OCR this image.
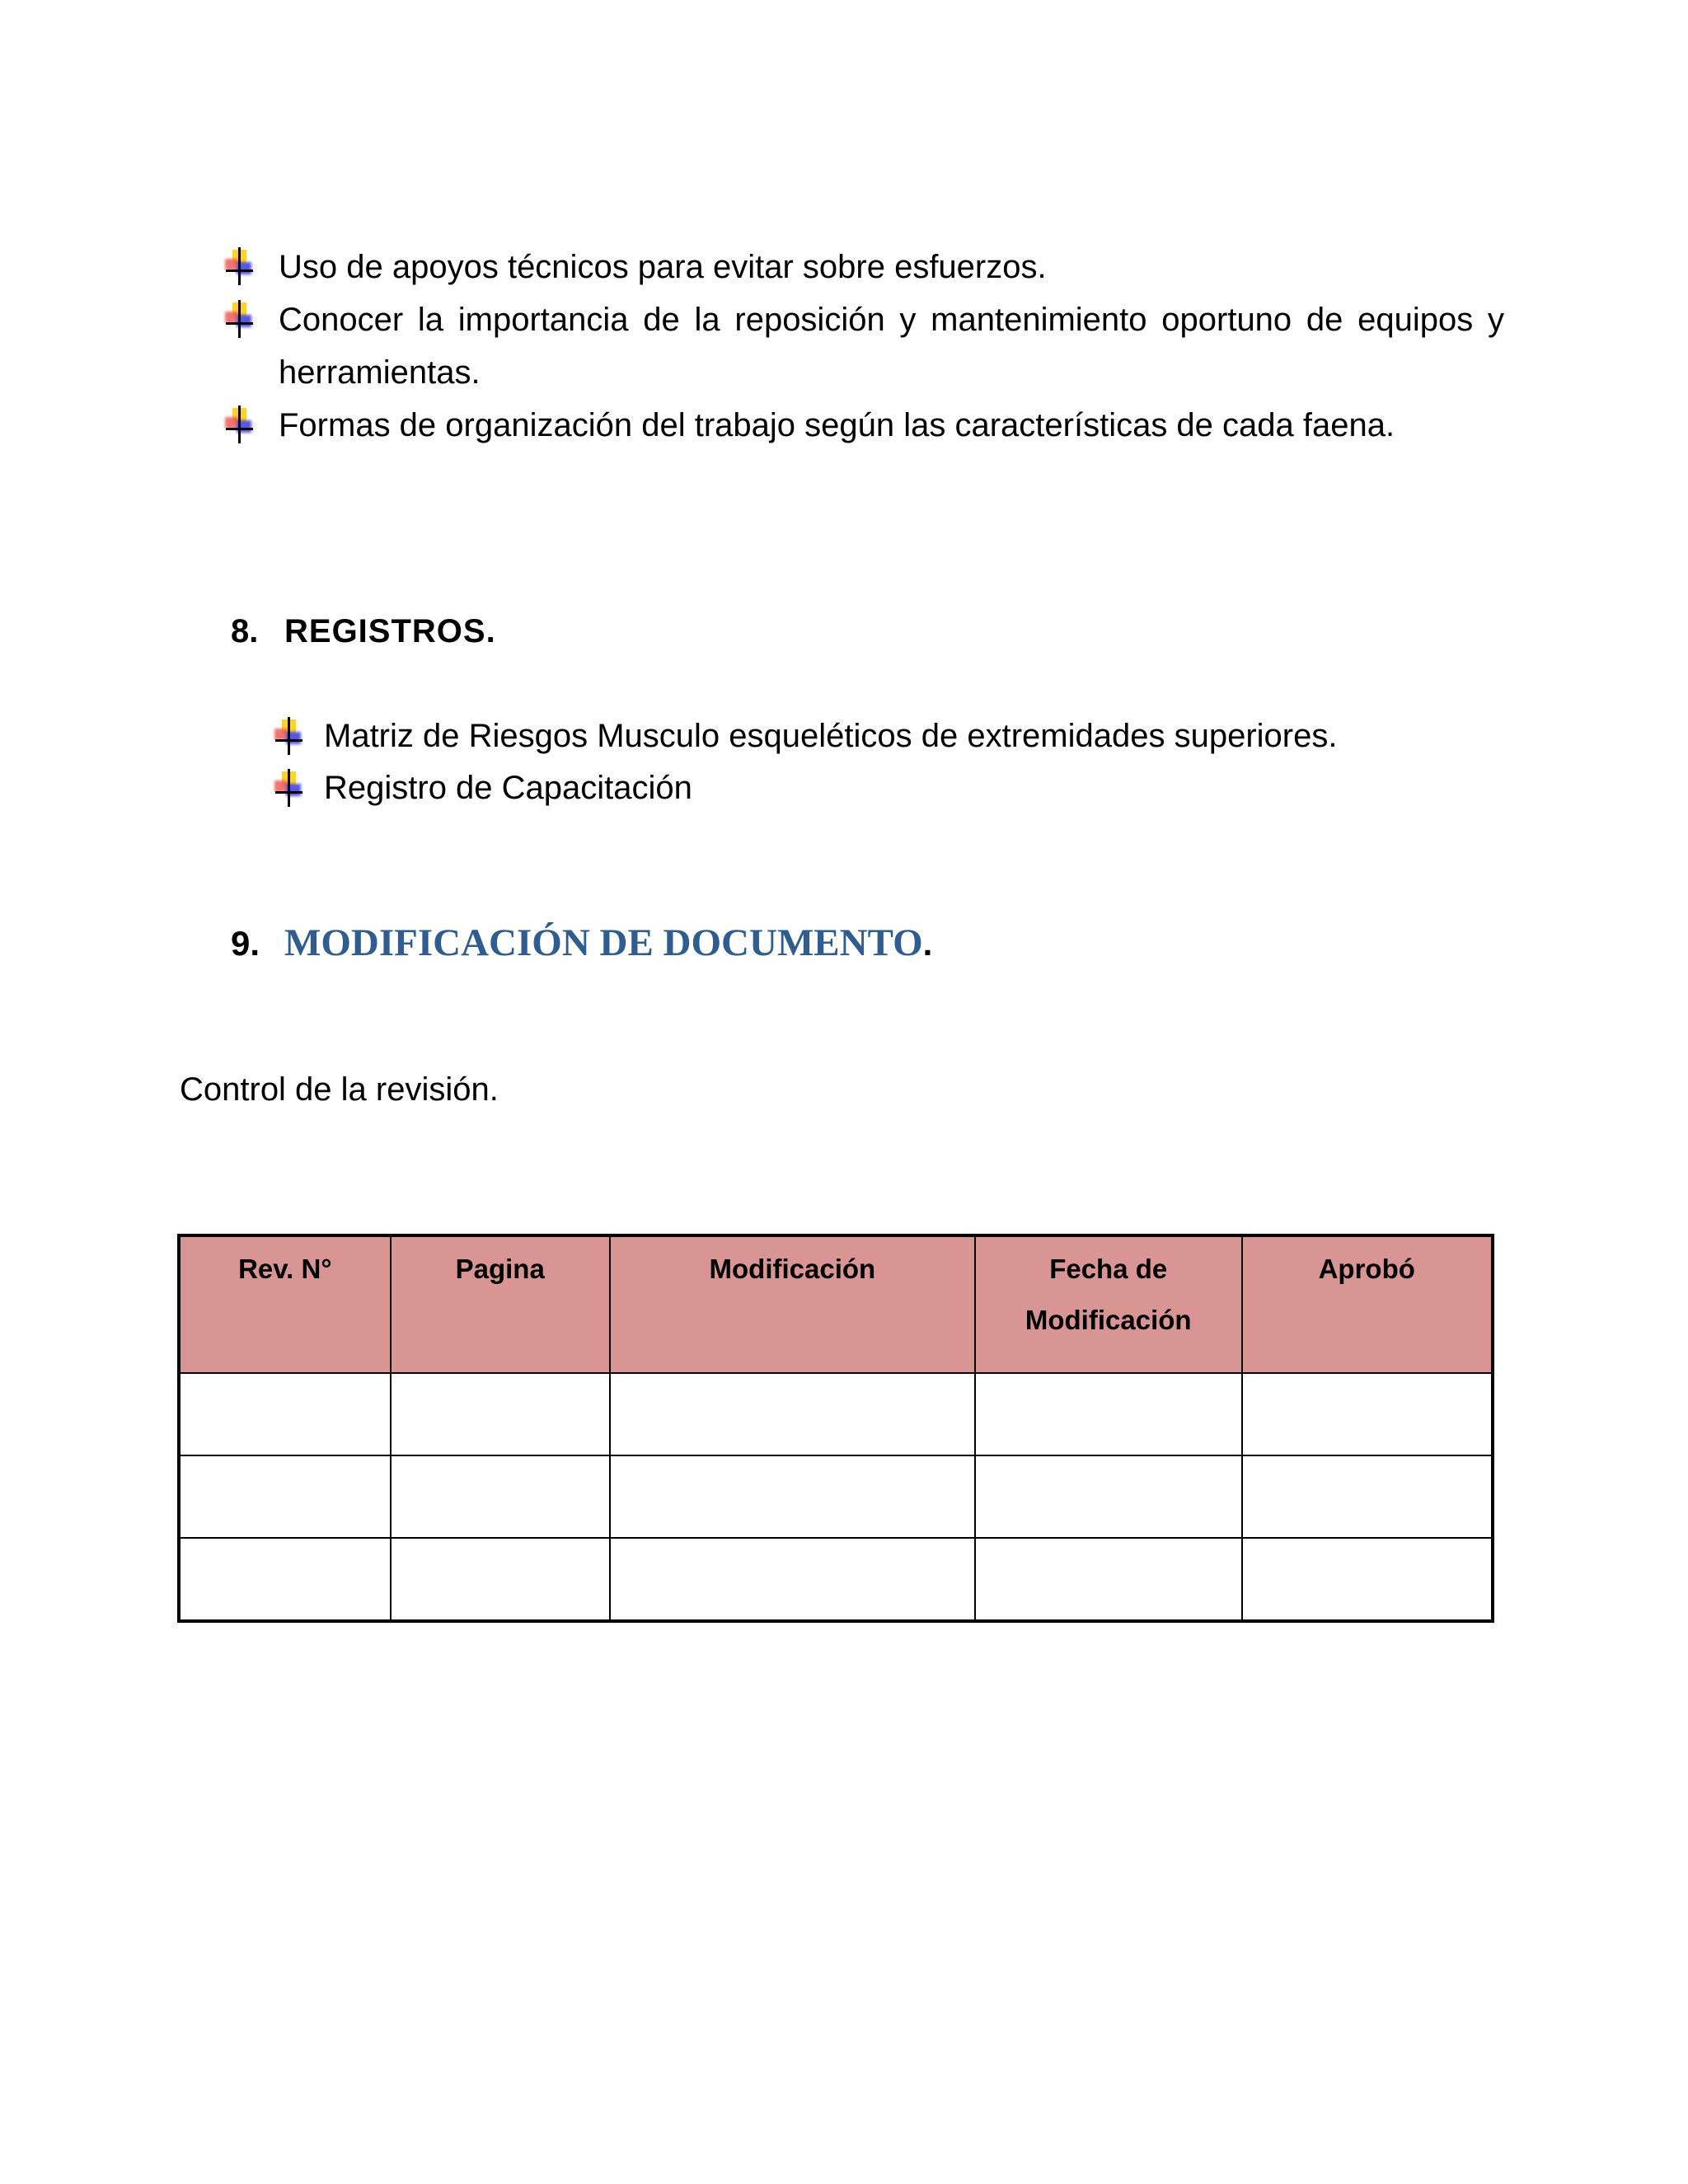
Uso de apoyos técnicos para evitar sobre esfuerzos.
Conocer la importancia de la reposición y mantenimiento oportuno de equipos y herramientas.
Formas de organización del trabajo según las características de cada faena.
8. REGISTROS.
Matriz de Riesgos Musculo esqueléticos de extremidades superiores.
Registro de Capacitación
9. MODIFICACIÓN DE DOCUMENTO.
Control de la revisión.
Rev. N°	Pagina	Modificación	Fecha de Modificación	Aprobó
